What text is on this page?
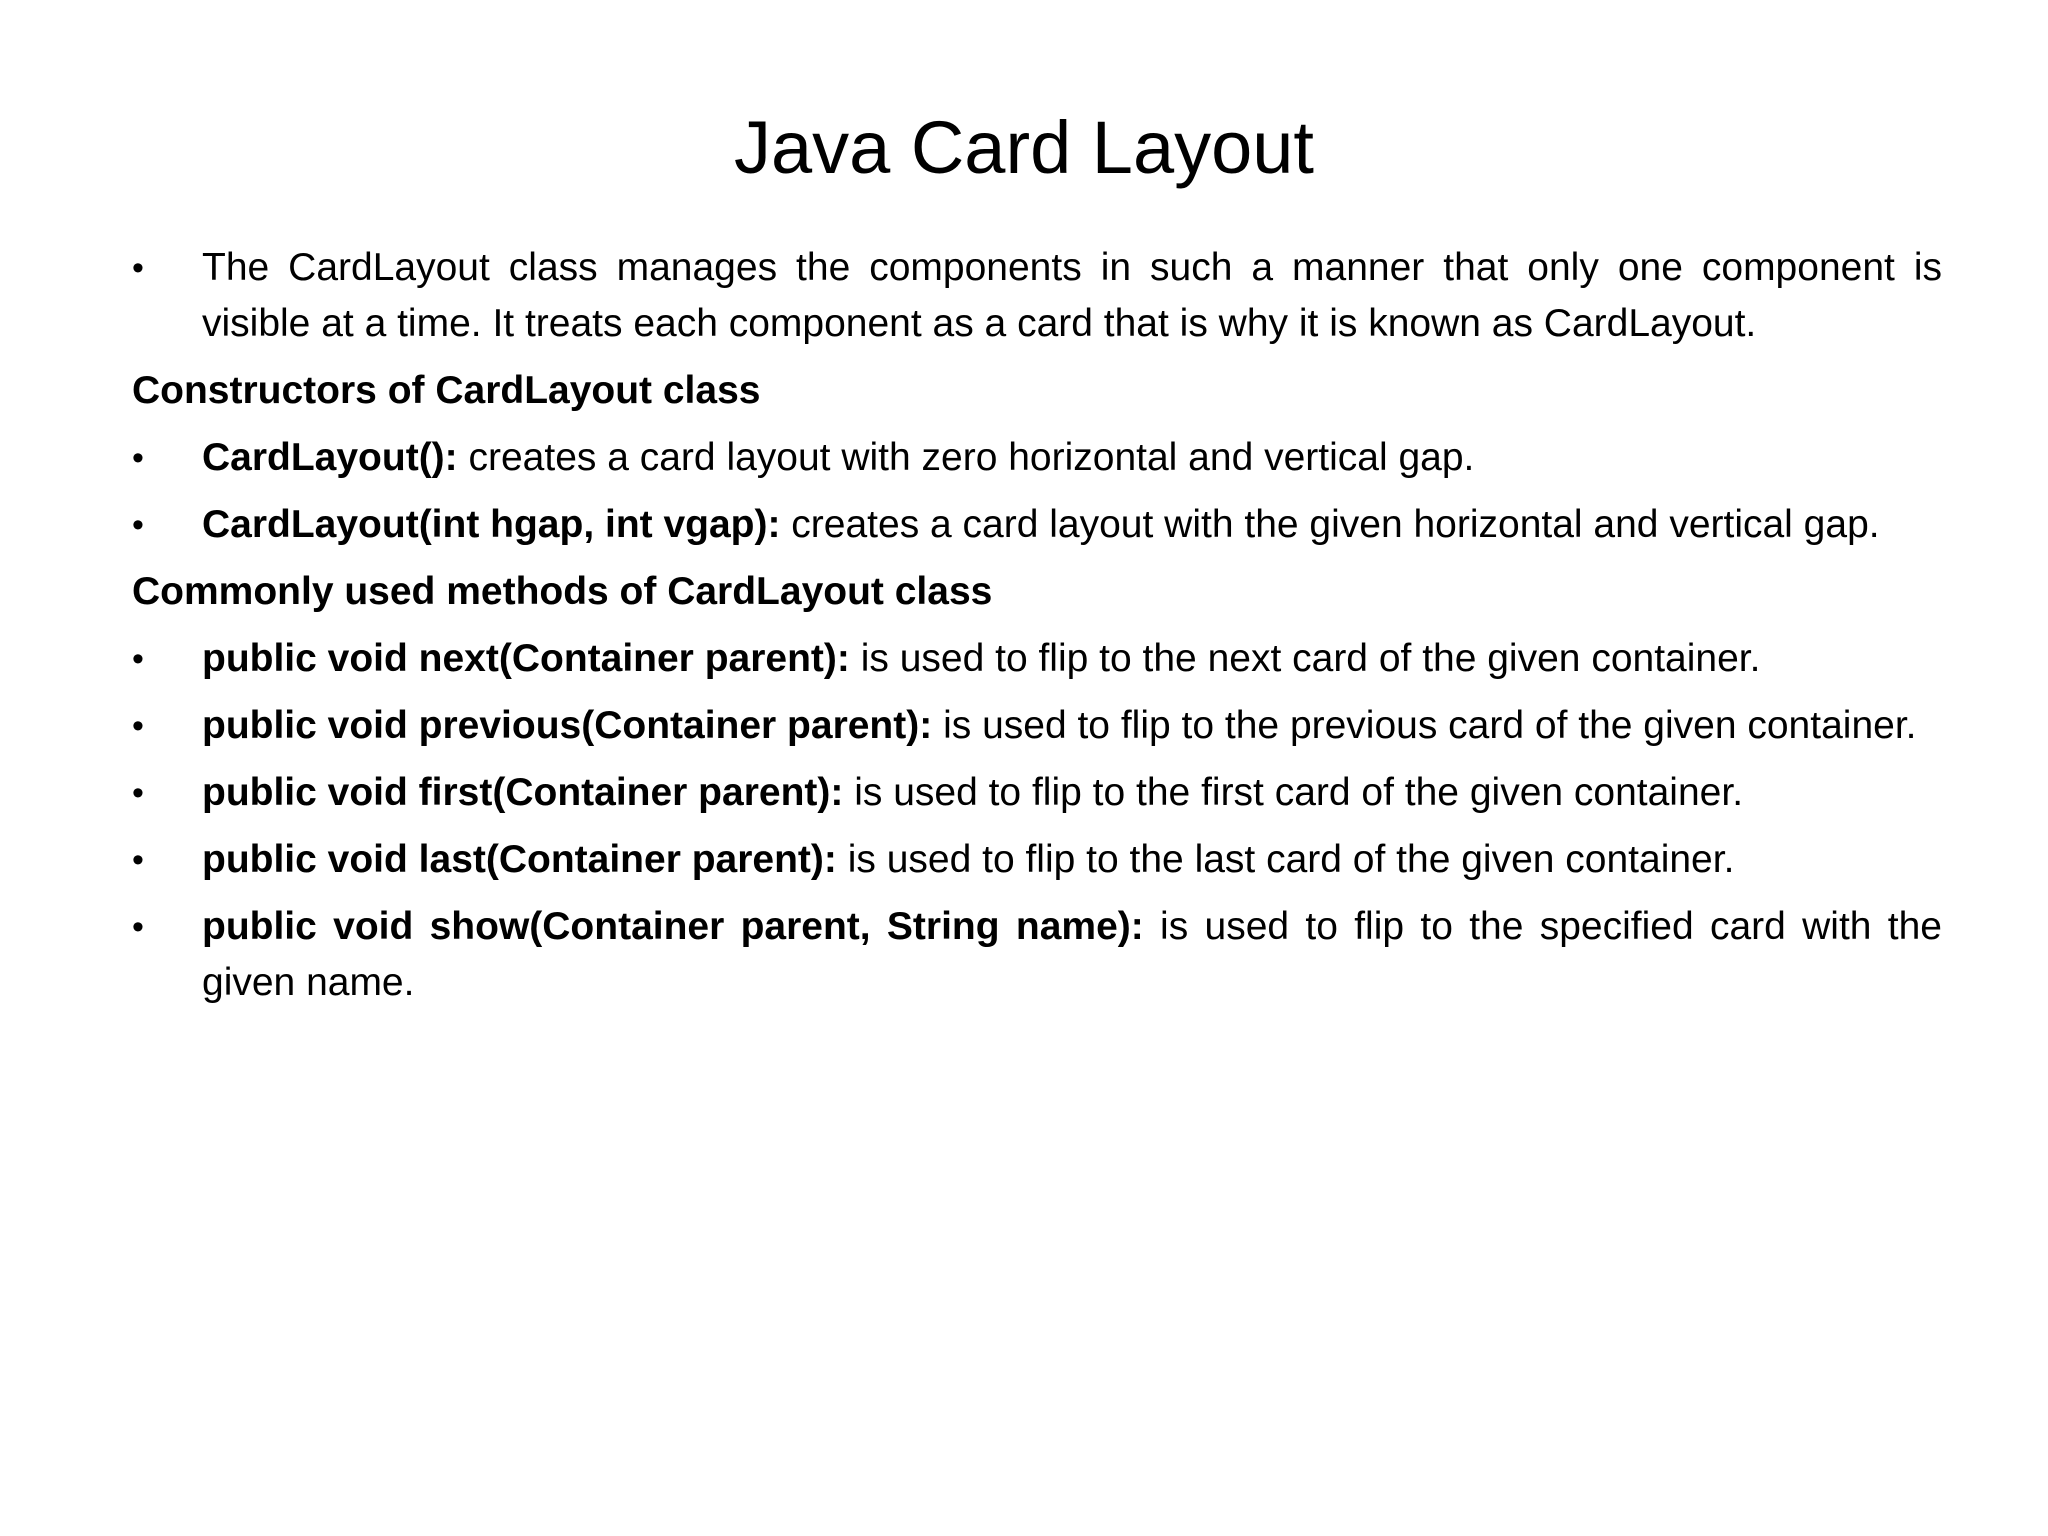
Java Card Layout

•	The CardLayout class manages the components in such a manner that only one component is visible at a time. It treats each component as a card that is why it is known as CardLayout.

Constructors of CardLayout class

•	CardLayout(): creates a card layout with zero horizontal and vertical gap.

•	CardLayout(int hgap, int vgap): creates a card layout with the given horizontal and vertical gap.

Commonly used methods of CardLayout class

•	public void next(Container parent): is used to flip to the next card of the given container.

•	public void previous(Container parent): is used to flip to the previous card of the given container.

•	public void first(Container parent): is used to flip to the first card of the given container.

•	public void last(Container parent): is used to flip to the last card of the given container.

•	public void show(Container parent, String name): is used to flip to the specified card with the given name.
